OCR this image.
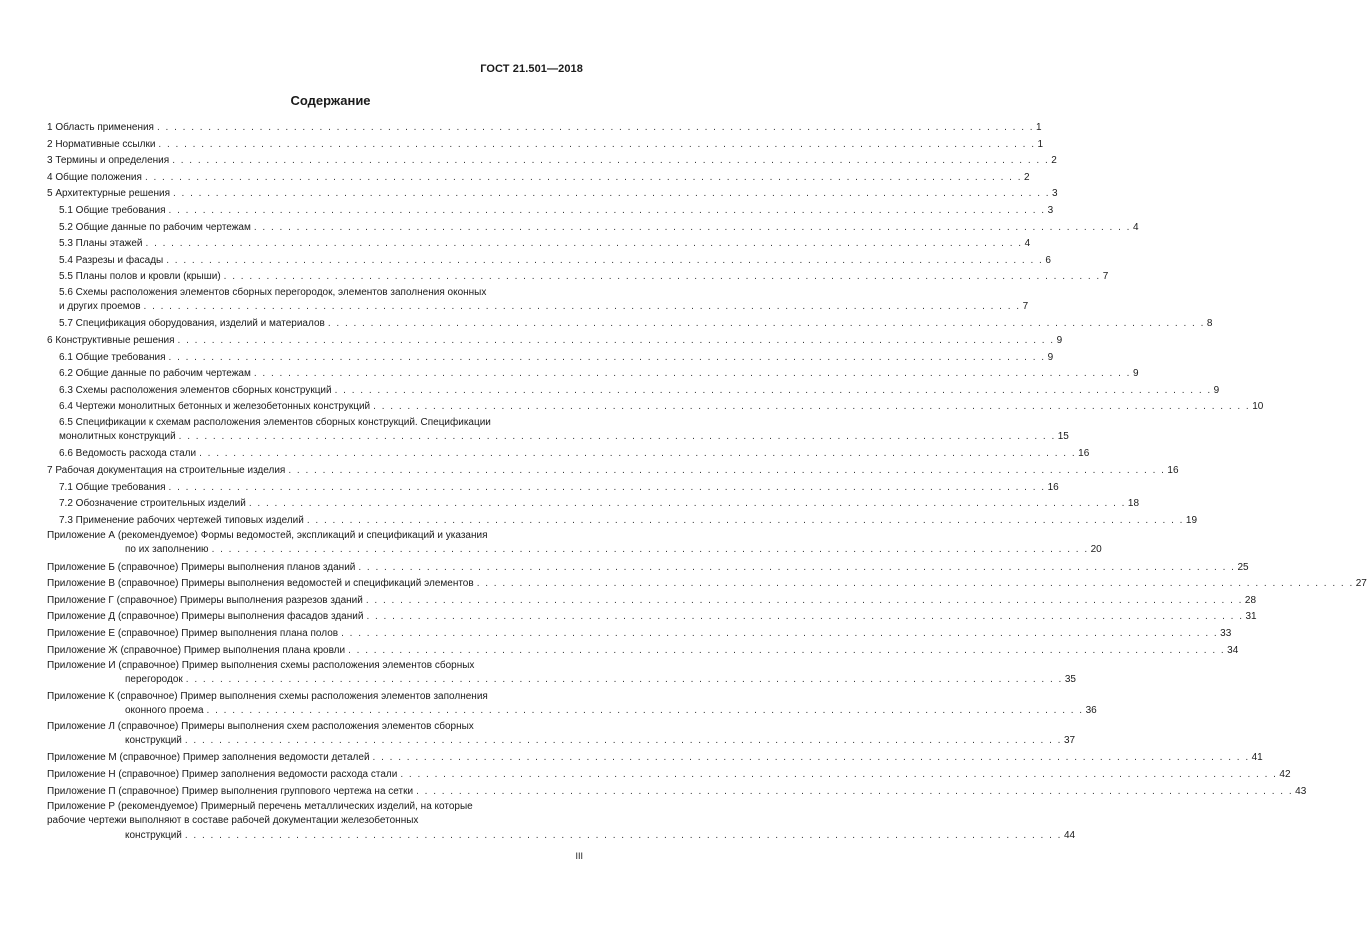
ГОСТ 21.501—2018
Содержание
1 Область применения . . . . . . . . . . . . . . . . . . . . . . . . . . . . . . . . . . . . . . . . . . . . . . . . . . . . . . . . . . . . . . . . . . . . . . . . . . . . . . . . . . . . . . . . . . . . . . . . . . . . . . . 1
2 Нормативные ссылки . . . . . . . . . . . . . . . . . . . . . . . . . . . . . . . . . . . . . . . . . . . . . . . . . . . . . . . . . . . . . . . . . . . . . . . . . . . . . . . . . . . . . . . . . . . . . . . . . . . . . . . 1
3 Термины и определения . . . . . . . . . . . . . . . . . . . . . . . . . . . . . . . . . . . . . . . . . . . . . . . . . . . . . . . . . . . . . . . . . . . . . . . . . . . . . . . . . . . . . . . . . . . . . . . . . . . . . . . 2
4 Общие положения . . . . . . . . . . . . . . . . . . . . . . . . . . . . . . . . . . . . . . . . . . . . . . . . . . . . . . . . . . . . . . . . . . . . . . . . . . . . . . . . . . . . . . . . . . . . . . . . . . . . . . . 2
5 Архитектурные решения . . . . . . . . . . . . . . . . . . . . . . . . . . . . . . . . . . . . . . . . . . . . . . . . . . . . . . . . . . . . . . . . . . . . . . . . . . . . . . . . . . . . . . . . . . . . . . . . . . . . . . . 3
5.1 Общие требования . . . . . . . . . . . . . . . . . . . . . . . . . . . . . . . . . . . . . . . . . . . . . . . . . . . . . . . . . . . . . . . . . . . . . . . . . . . . . . . . . . . . . . . . . . . . . . . . . . . . . . . 3
5.2 Общие данные по рабочим чертежам . . . . . . . . . . . . . . . . . . . . . . . . . . . . . . . . . . . . . . . . . . . . . . . . . . . . . . . . . . . . . . . . . . . . . . . . . . . . . . . . . . . . . . . . . . . . . . . . . . . . . . . 4
5.3 Планы этажей . . . . . . . . . . . . . . . . . . . . . . . . . . . . . . . . . . . . . . . . . . . . . . . . . . . . . . . . . . . . . . . . . . . . . . . . . . . . . . . . . . . . . . . . . . . . . . . . . . . . . . . 4
5.4 Разрезы и фасады . . . . . . . . . . . . . . . . . . . . . . . . . . . . . . . . . . . . . . . . . . . . . . . . . . . . . . . . . . . . . . . . . . . . . . . . . . . . . . . . . . . . . . . . . . . . . . . . . . . . . . . 6
5.5 Планы полов и кровли (крыши) . . . . . . . . . . . . . . . . . . . . . . . . . . . . . . . . . . . . . . . . . . . . . . . . . . . . . . . . . . . . . . . . . . . . . . . . . . . . . . . . . . . . . . . . . . . . . . . . . . . . . . . 7
5.6 Схемы расположения элементов сборных перегородок, элементов заполнения оконных
и других проемов . . . . . . . . . . . . . . . . . . . . . . . . . . . . . . . . . . . . . . . . . . . . . . . . . . . . . . . . . . . . . . . . . . . . . . . . . . . . . . . . . . . . . . . . . . . . . . . . . . . . . . . 7
5.7 Спецификация оборудования, изделий и материалов . . . . . . . . . . . . . . . . . . . . . . . . . . . . . . . . . . . . . . . . . . . . . . . . . . . . . . . . . . . . . . . . . . . . . . . . . . . . . . . . . . . . . . . . . . . . . . . . . . . . . . . 8
6 Конструктивные решения . . . . . . . . . . . . . . . . . . . . . . . . . . . . . . . . . . . . . . . . . . . . . . . . . . . . . . . . . . . . . . . . . . . . . . . . . . . . . . . . . . . . . . . . . . . . . . . . . . . . . . . 9
6.1 Общие требования . . . . . . . . . . . . . . . . . . . . . . . . . . . . . . . . . . . . . . . . . . . . . . . . . . . . . . . . . . . . . . . . . . . . . . . . . . . . . . . . . . . . . . . . . . . . . . . . . . . . . . . 9
6.2 Общие данные по рабочим чертежам . . . . . . . . . . . . . . . . . . . . . . . . . . . . . . . . . . . . . . . . . . . . . . . . . . . . . . . . . . . . . . . . . . . . . . . . . . . . . . . . . . . . . . . . . . . . . . . . . . . . . . . 9
6.3 Схемы расположения элементов сборных конструкций . . . . . . . . . . . . . . . . . . . . . . . . . . . . . . . . . . . . . . . . . . . . . . . . . . . . . . . . . . . . . . . . . . . . . . . . . . . . . . . . . . . . . . . . . . . . . . . . . . . . . . . 9
6.4 Чертежи монолитных бетонных и железобетонных конструкций . . . . . . . . . . . . . . . . . . . . . . . . . . . . . . . . . . . . . . . . . . . . . . . . . . . . . . . . . . . . . . . . . . . . . . . . . . . . . . . . . . . . . . . . . . . . . . . . . . . . . . . 10
6.5 Спецификации к схемам расположения элементов сборных конструкций. Спецификации
монолитных конструкций . . . . . . . . . . . . . . . . . . . . . . . . . . . . . . . . . . . . . . . . . . . . . . . . . . . . . . . . . . . . . . . . . . . . . . . . . . . . . . . . . . . . . . . . . . . . . . . . . . . . . . . 15
6.6 Ведомость расхода стали . . . . . . . . . . . . . . . . . . . . . . . . . . . . . . . . . . . . . . . . . . . . . . . . . . . . . . . . . . . . . . . . . . . . . . . . . . . . . . . . . . . . . . . . . . . . . . . . . . . . . . . 16
7 Рабочая документация на строительные изделия . . . . . . . . . . . . . . . . . . . . . . . . . . . . . . . . . . . . . . . . . . . . . . . . . . . . . . . . . . . . . . . . . . . . . . . . . . . . . . . . . . . . . . . . . . . . . . . . . . . . . . . 16
7.1 Общие требования . . . . . . . . . . . . . . . . . . . . . . . . . . . . . . . . . . . . . . . . . . . . . . . . . . . . . . . . . . . . . . . . . . . . . . . . . . . . . . . . . . . . . . . . . . . . . . . . . . . . . . . 16
7.2 Обозначение строительных изделий . . . . . . . . . . . . . . . . . . . . . . . . . . . . . . . . . . . . . . . . . . . . . . . . . . . . . . . . . . . . . . . . . . . . . . . . . . . . . . . . . . . . . . . . . . . . . . . . . . . . . . . 18
7.3 Применение рабочих чертежей типовых изделий . . . . . . . . . . . . . . . . . . . . . . . . . . . . . . . . . . . . . . . . . . . . . . . . . . . . . . . . . . . . . . . . . . . . . . . . . . . . . . . . . . . . . . . . . . . . . . . . . . . . . . . 19
Приложение А (рекомендуемое) Формы ведомостей, экспликаций и спецификаций и указания
по их заполнению . . . . . . . . . . . . . . . . . . . . . . . . . . . . . . . . . . . . . . . . . . . . . . . . . . . . . . . . . . . . . . . . . . . . . . . . . . . . . . . . . . . . . . . . . . . . . . . . . . . . . . . 20
Приложение Б (справочное) Примеры выполнения планов зданий . . . . . . . . . . . . . . . . . . . . . . . . . . . . . . . . . . . . . . . . . . . . . . . . . . . . . . . . . . . . . . . . . . . . . . . . . . . . . . . . . . . . . . . . . . . . . . . . . . . . . . . 25
Приложение В (справочное) Примеры выполнения ведомостей и спецификаций элементов . . . . . . . . . . . . . . . . . . . . . . . . . . . . . . . . . . . . . . . . . . . . . . . . . . . . . . . . . . . . . . . . . . . . . . . . . . . . . . . . . . . . . . . . . . . . . . . . . . . . . . . 27
Приложение Г (справочное) Примеры выполнения разрезов зданий . . . . . . . . . . . . . . . . . . . . . . . . . . . . . . . . . . . . . . . . . . . . . . . . . . . . . . . . . . . . . . . . . . . . . . . . . . . . . . . . . . . . . . . . . . . . . . . . . . . . . . . 28
Приложение Д (справочное) Примеры выполнения фасадов зданий . . . . . . . . . . . . . . . . . . . . . . . . . . . . . . . . . . . . . . . . . . . . . . . . . . . . . . . . . . . . . . . . . . . . . . . . . . . . . . . . . . . . . . . . . . . . . . . . . . . . . . . 31
Приложение Е (справочное) Пример выполнения плана полов . . . . . . . . . . . . . . . . . . . . . . . . . . . . . . . . . . . . . . . . . . . . . . . . . . . . . . . . . . . . . . . . . . . . . . . . . . . . . . . . . . . . . . . . . . . . . . . . . . . . . . . 33
Приложение Ж (справочное) Пример выполнения плана кровли . . . . . . . . . . . . . . . . . . . . . . . . . . . . . . . . . . . . . . . . . . . . . . . . . . . . . . . . . . . . . . . . . . . . . . . . . . . . . . . . . . . . . . . . . . . . . . . . . . . . . . . 34
Приложение И (справочное) Пример выполнения схемы расположения элементов сборных
перегородок . . . . . . . . . . . . . . . . . . . . . . . . . . . . . . . . . . . . . . . . . . . . . . . . . . . . . . . . . . . . . . . . . . . . . . . . . . . . . . . . . . . . . . . . . . . . . . . . . . . . . . . 35
Приложение К (справочное) Пример выполнения схемы расположения элементов заполнения
оконного проема . . . . . . . . . . . . . . . . . . . . . . . . . . . . . . . . . . . . . . . . . . . . . . . . . . . . . . . . . . . . . . . . . . . . . . . . . . . . . . . . . . . . . . . . . . . . . . . . . . . . . . . 36
Приложение Л (справочное) Примеры выполнения схем расположения элементов сборных
конструкций . . . . . . . . . . . . . . . . . . . . . . . . . . . . . . . . . . . . . . . . . . . . . . . . . . . . . . . . . . . . . . . . . . . . . . . . . . . . . . . . . . . . . . . . . . . . . . . . . . . . . . . 37
Приложение М (справочное) Пример заполнения ведомости деталей . . . . . . . . . . . . . . . . . . . . . . . . . . . . . . . . . . . . . . . . . . . . . . . . . . . . . . . . . . . . . . . . . . . . . . . . . . . . . . . . . . . . . . . . . . . . . . . . . . . . . . . 41
Приложение Н (справочное) Пример заполнения ведомости расхода стали . . . . . . . . . . . . . . . . . . . . . . . . . . . . . . . . . . . . . . . . . . . . . . . . . . . . . . . . . . . . . . . . . . . . . . . . . . . . . . . . . . . . . . . . . . . . . . . . . . . . . . . 42
Приложение П (справочное) Пример выполнения группового чертежа на сетки . . . . . . . . . . . . . . . . . . . . . . . . . . . . . . . . . . . . . . . . . . . . . . . . . . . . . . . . . . . . . . . . . . . . . . . . . . . . . . . . . . . . . . . . . . . . . . . . . . . . . . . 43
Приложение Р (рекомендуемое) Примерный перечень металлических изделий, на которые
рабочие чертежи выполняют в составе рабочей документации железобетонных
конструкций . . . . . . . . . . . . . . . . . . . . . . . . . . . . . . . . . . . . . . . . . . . . . . . . . . . . . . . . . . . . . . . . . . . . . . . . . . . . . . . . . . . . . . . . . . . . . . . . . . . . . . . 44
III
